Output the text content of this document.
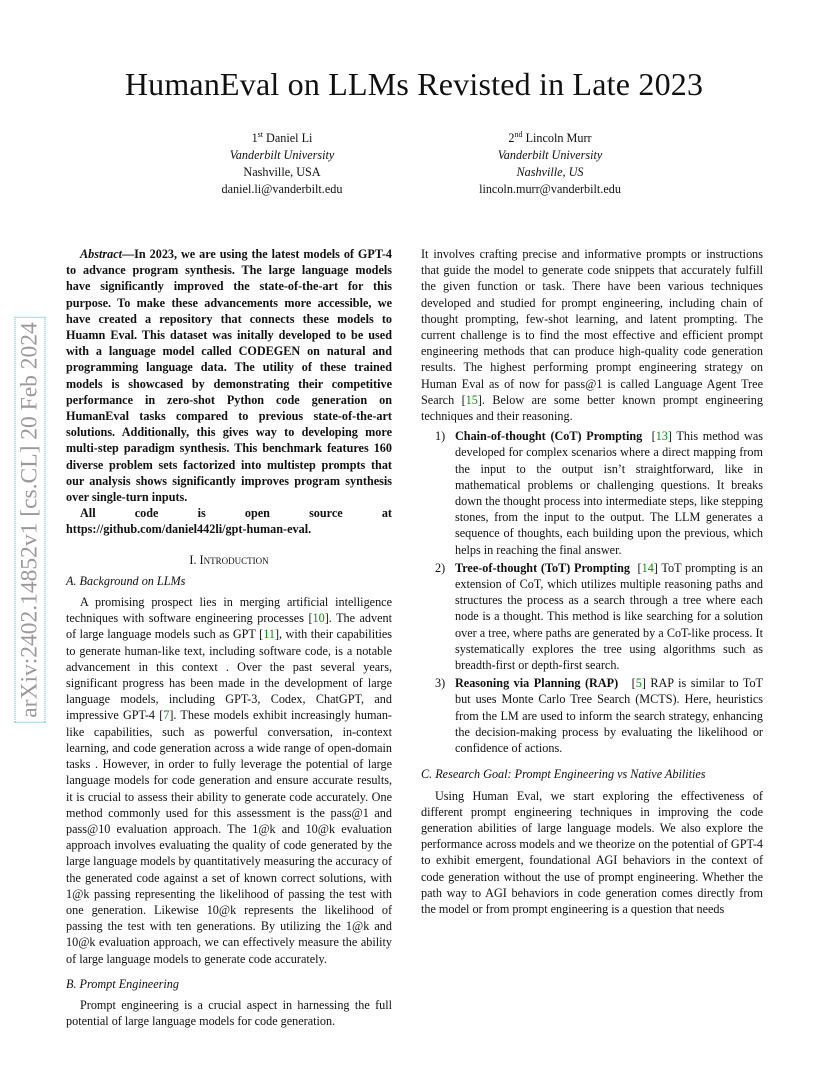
HumanEval on LLMs Revisted in Late 2023
1st Daniel Li
Vanderbilt University
Nashville, USA
daniel.li@vanderbilt.edu
2nd Lincoln Murr
Vanderbilt University
Nashville, US
lincoln.murr@vanderbilt.edu
arXiv:2402.14852v1 [cs.CL] 20 Feb 2024

Abstract—In 2023, we are using the latest models of GPT-4 to advance program synthesis. The large language models have significantly improved the state-of-the-art for this purpose. To make these advancements more accessible, we have created a repository that connects these models to Huamn Eval. This dataset was initally developed to be used with a language model called CODEGEN on natural and programming language data. The utility of these trained models is showcased by demonstrating their competitive performance in zero-shot Python code generation on HumanEval tasks compared to previous state-of-the-art solutions. Additionally, this gives way to developing more multi-step paradigm synthesis. This benchmark features 160 diverse problem sets factorized into multistep prompts that our analysis shows significantly improves program synthesis over single-turn inputs.

All code is open source at https://github.com/daniel442li/gpt-human-eval.

I. Introduction

A. Background on LLMs

A promising prospect lies in merging artificial intelligence techniques with software engineering processes [ 10 ] . The advent of large language models such as GPT [ 11 ] , with their capabilities to generate human-like text, including software code, is a notable advancement in this context . Over the past several years, significant progress has been made in the development of large language models, including GPT-3, Codex, ChatGPT, and impressive GPT-4 [ 7 ] . These models exhibit increasingly human-like capabilities, such as powerful conversation, in-context learning, and code generation across a wide range of open-domain tasks . However, in order to fully leverage the potential of large language models for code generation and ensure accurate results, it is crucial to assess their ability to generate code accurately. One method commonly used for this assessment is the pass@1 and pass@10 evaluation approach. The 1@k and 10@k evaluation approach involves evaluating the quality of code generated by the large language models by quantitatively measuring the accuracy of the generated code against a set of known correct solutions, with 1@k passing representing the likelihood of passing the test with one generation. Likewise 10@k represents the likelihood of passing the test with ten generations. By utilizing the 1@k and 10@k evaluation approach, we can effectively measure the ability of large language models to generate code accurately.

B. Prompt Engineering

Prompt engineering is a crucial aspect in harnessing the full potential of large language models for code generation.

It involves crafting precise and informative prompts or instructions that guide the model to generate code snippets that accurately fulfill the given function or task. There have been various techniques developed and studied for prompt engineering, including chain of thought prompting, few-shot learning, and latent prompting. The current challenge is to find the most effective and efficient prompt engineering methods that can produce high-quality code generation results. The highest performing prompt engineering strategy on Human Eval as of now for pass@1 is called Language Agent Tree Search [ 15 ] . Below are some better known prompt engineering techniques and their reasoning.

1) Chain-of-thought (CoT) Prompting [ 13 ] This method was developed for complex scenarios where a direct mapping from the input to the output isn’t straightforward, like in mathematical problems or challenging questions. It breaks down the thought process into intermediate steps, like stepping stones, from the input to the output. The LLM generates a sequence of thoughts, each building upon the previous, which helps in reaching the final answer.
2) Tree-of-thought (ToT) Prompting [ 14 ] ToT prompting is an extension of CoT, which utilizes multiple reasoning paths and structures the process as a search through a tree where each node is a thought. This method is like searching for a solution over a tree, where paths are generated by a CoT-like process. It systematically explores the tree using algorithms such as breadth-first or depth-first search.
3) Reasoning via Planning (RAP) [ 5 ] RAP is similar to ToT but uses Monte Carlo Tree Search (MCTS). Here, heuristics from the LM are used to inform the search strategy, enhancing the decision-making process by evaluating the likelihood or confidence of actions.

C. Research Goal: Prompt Engineering vs Native Abilities

Using Human Eval, we start exploring the effectiveness of different prompt engineering techniques in improving the code generation abilities of large language models. We also explore the performance across models and we theorize on the potential of GPT-4 to exhibit emergent, foundational AGI behaviors in the context of code generation without the use of prompt engineering. Whether the path way to AGI behaviors in code generation comes directly from the model or from prompt engineering is a question that needs
